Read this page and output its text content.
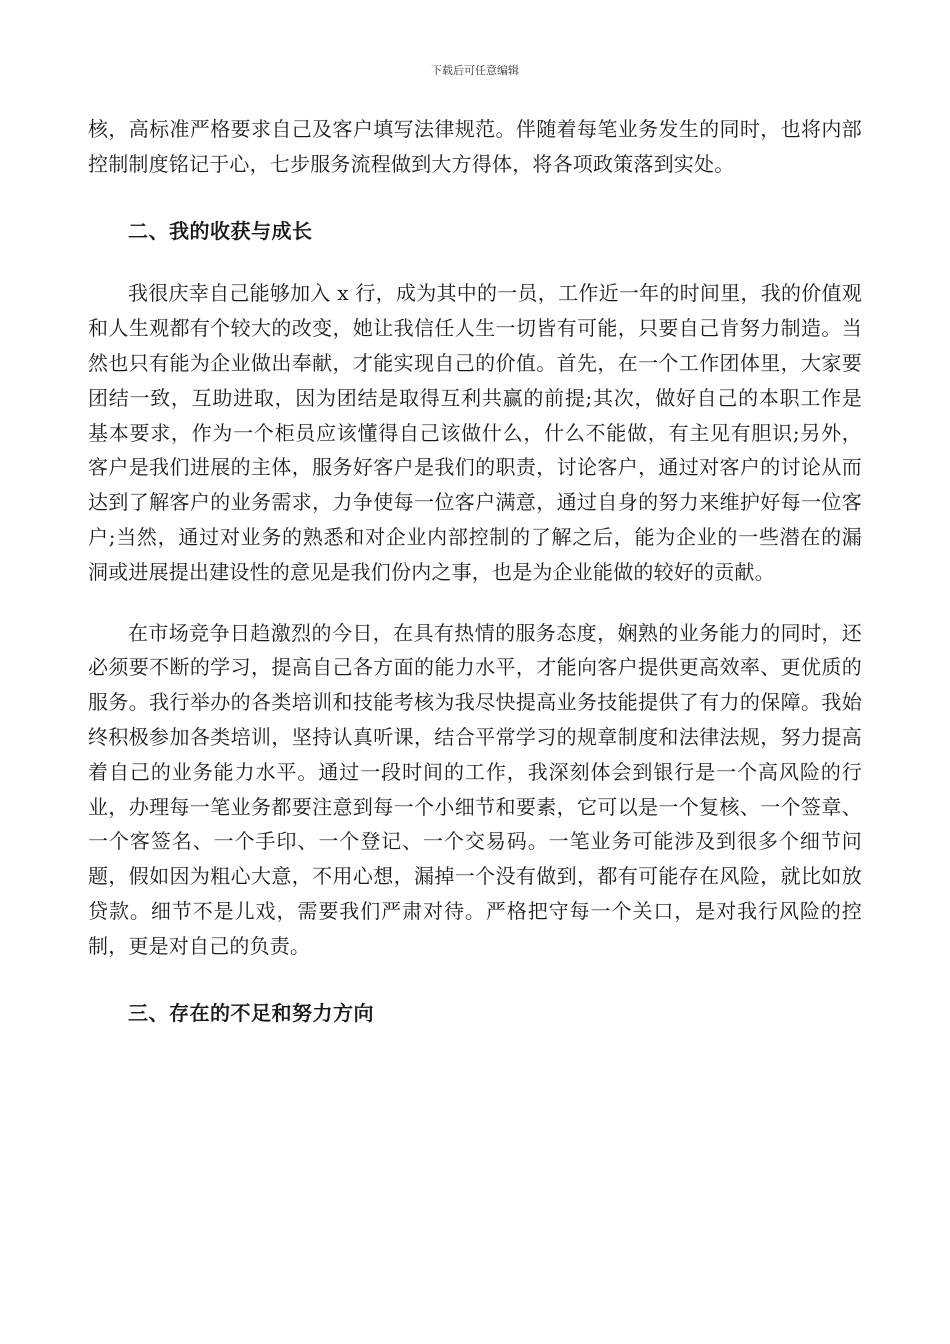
下载后可任意编辑

核，高标准严格要求自己及客户填写法律规范。伴随着每笔业务发生的同时，也将内部控制制度铭记于心，七步服务流程做到大方得体，将各项政策落到实处。

二、我的收获与成长

我很庆幸自己能够加入 x 行，成为其中的一员，工作近一年的时间里，我的价值观和人生观都有个较大的改变，她让我信任人生一切皆有可能，只要自己肯努力制造。当然也只有能为企业做出奉献，才能实现自己的价值。首先，在一个工作团体里，大家要团结一致，互助进取，因为团结是取得互利共赢的前提;其次，做好自己的本职工作是基本要求，作为一个柜员应该懂得自己该做什么，什么不能做，有主见有胆识;另外，客户是我们进展的主体，服务好客户是我们的职责，讨论客户，通过对客户的讨论从而达到了解客户的业务需求，力争使每一位客户满意，通过自身的努力来维护好每一位客户;当然，通过对业务的熟悉和对企业内部控制的了解之后，能为企业的一些潜在的漏洞或进展提出建设性的意见是我们份内之事，也是为企业能做的较好的贡献。

在市场竞争日趋激烈的今日，在具有热情的服务态度，娴熟的业务能力的同时，还必须要不断的学习，提高自己各方面的能力水平，才能向客户提供更高效率、更优质的服务。我行举办的各类培训和技能考核为我尽快提高业务技能提供了有力的保障。我始终积极参加各类培训，坚持认真听课，结合平常学习的规章制度和法律法规，努力提高着自己的业务能力水平。通过一段时间的工作，我深刻体会到银行是一个高风险的行业，办理每一笔业务都要注意到每一个小细节和要素，它可以是一个复核、一个签章、一个客签名、一个手印、一个登记、一个交易码。一笔业务可能涉及到很多个细节问题，假如因为粗心大意，不用心想，漏掉一个没有做到，都有可能存在风险，就比如放贷款。细节不是儿戏，需要我们严肃对待。严格把守每一个关口，是对我行风险的控制，更是对自己的负责。

三、存在的不足和努力方向
